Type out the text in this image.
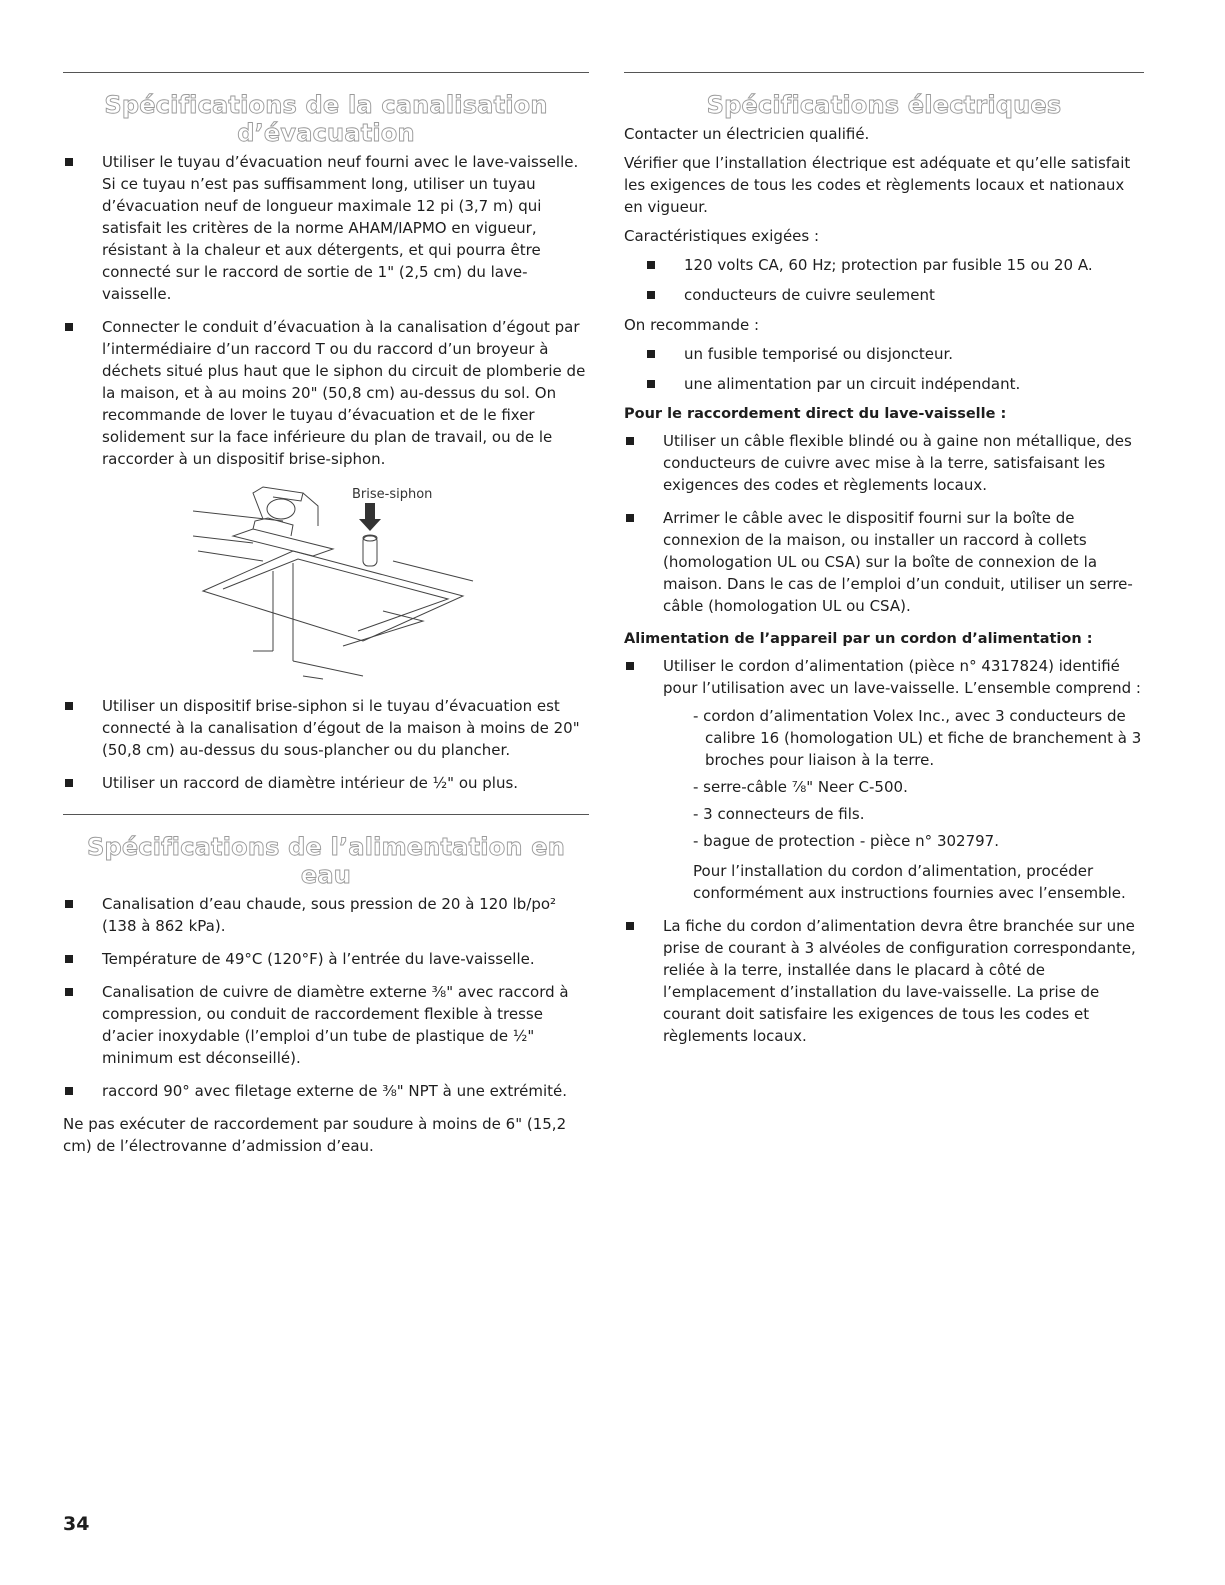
Spécifications de la canalisation d’évacuation
Utiliser le tuyau d’évacuation neuf fourni avec le lave-vaisselle. Si ce tuyau n’est pas suffisamment long, utiliser un tuyau d’évacuation neuf de longueur maximale 12 pi (3,7 m) qui satisfait les critères de la norme AHAM/IAPMO en vigueur, résistant à la chaleur et aux détergents, et qui pourra être connecté sur le raccord de sortie de 1" (2,5 cm) du lave-vaisselle.
Connecter le conduit d’évacuation à la canalisation d’égout par l’intermédiaire d’un raccord T ou du raccord d’un broyeur à déchets situé plus haut que le siphon du circuit de plomberie de la maison, et à au moins 20" (50,8 cm) au-dessus du sol. On recommande de lover le tuyau d’évacuation et de le fixer solidement sur la face inférieure du plan de travail, ou de le raccorder à un dispositif brise-siphon.
Brise-siphon
Utiliser un dispositif brise-siphon si le tuyau d’évacuation est connecté à la canalisation d’égout de la maison à moins de 20" (50,8 cm) au-dessus du sous-plancher ou du plancher.
Utiliser un raccord de diamètre intérieur de ½" ou plus.
Spécifications de l’alimentation en eau
Canalisation d’eau chaude, sous pression de 20 à 120 lb/po² (138 à 862 kPa).
Température de 49°C (120°F) à l’entrée du lave-vaisselle.
Canalisation de cuivre de diamètre externe ⅜" avec raccord à compression, ou conduit de raccordement flexible à tresse d’acier inoxydable (l’emploi d’un tube de plastique de ½" minimum est déconseillé).
raccord 90° avec filetage externe de ⅜" NPT à une extrémité.

Ne pas exécuter de raccordement par soudure à moins de 6" (15,2 cm) de l’électrovanne d’admission d’eau.

Spécifications électriques

Contacter un électricien qualifié.

Vérifier que l’installation électrique est adéquate et qu’elle satisfait les exigences de tous les codes et règlements locaux et nationaux en vigueur.

Caractéristiques exigées :

120 volts CA, 60 Hz; protection par fusible 15 ou 20 A.
conducteurs de cuivre seulement

On recommande :

un fusible temporisé ou disjoncteur.
une alimentation par un circuit indépendant.

Pour le raccordement direct du lave-vaisselle :

Utiliser un câble flexible blindé ou à gaine non métallique, des conducteurs de cuivre avec mise à la terre, satisfaisant les exigences des codes et règlements locaux.
Arrimer le câble avec le dispositif fourni sur la boîte de connexion de la maison, ou installer un raccord à collets (homologation UL ou CSA) sur la boîte de connexion de la maison. Dans le cas de l’emploi d’un conduit, utiliser un serre-câble (homologation UL ou CSA).

Alimentation de l’appareil par un cordon d’alimentation :

Utiliser le cordon d’alimentation (pièce n° 4317824) identifié pour l’utilisation avec un lave-vaisselle. L’ensemble comprend :
- cordon d’alimentation Volex Inc., avec 3 conducteurs de calibre 16 (homologation UL) et fiche de branchement à 3 broches pour liaison à la terre.
- serre-câble ⅞" Neer C-500.
- 3 connecteurs de fils.
- bague de protection - pièce n° 302797.
Pour l’installation du cordon d’alimentation, procéder conformément aux instructions fournies avec l’ensemble.
La fiche du cordon d’alimentation devra être branchée sur une prise de courant à 3 alvéoles de configuration correspondante, reliée à la terre, installée dans le placard à côté de l’emplacement d’installation du lave-vaisselle. La prise de courant doit satisfaire les exigences de tous les codes et règlements locaux.
34
